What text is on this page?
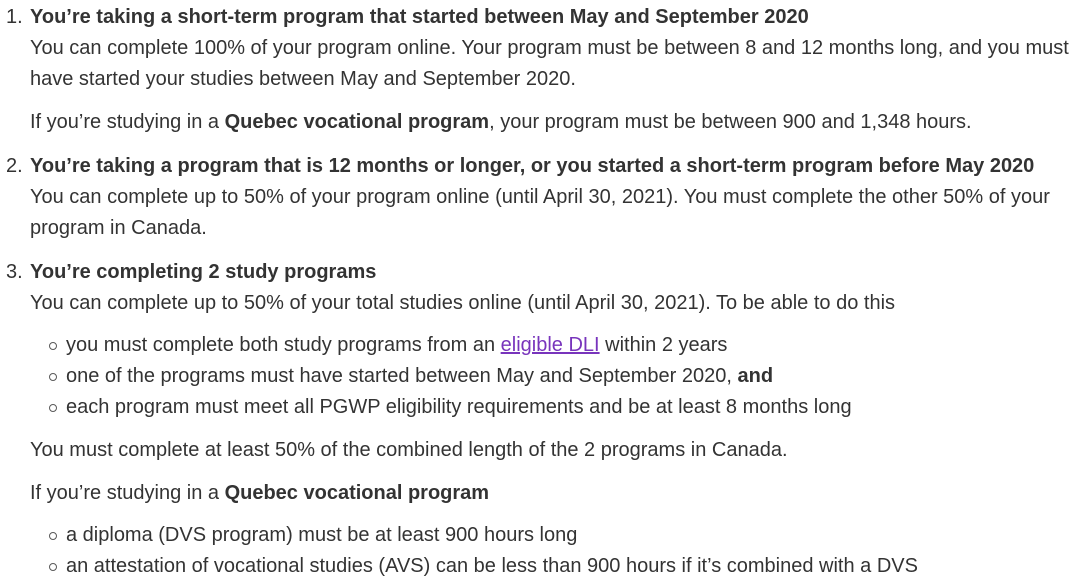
1. You’re taking a short-term program that started between May and September 2020

You can complete 100% of your program online. Your program must be between 8 and 12 months long, and you must have started your studies between May and September 2020.

If you’re studying in a Quebec vocational program, your program must be between 900 and 1,348 hours.

2. You’re taking a program that is 12 months or longer, or you started a short-term program before May 2020

You can complete up to 50% of your program online (until April 30, 2021). You must complete the other 50% of your program in Canada.

3. You’re completing 2 study programs

You can complete up to 50% of your total studies online (until April 30, 2021). To be able to do this

you must complete both study programs from an eligible DLI within 2 years
one of the programs must have started between May and September 2020, and
each program must meet all PGWP eligibility requirements and be at least 8 months long

You must complete at least 50% of the combined length of the 2 programs in Canada.

If you’re studying in a Quebec vocational program

a diploma (DVS program) must be at least 900 hours long
an attestation of vocational studies (AVS) can be less than 900 hours if it’s combined with a DVS
